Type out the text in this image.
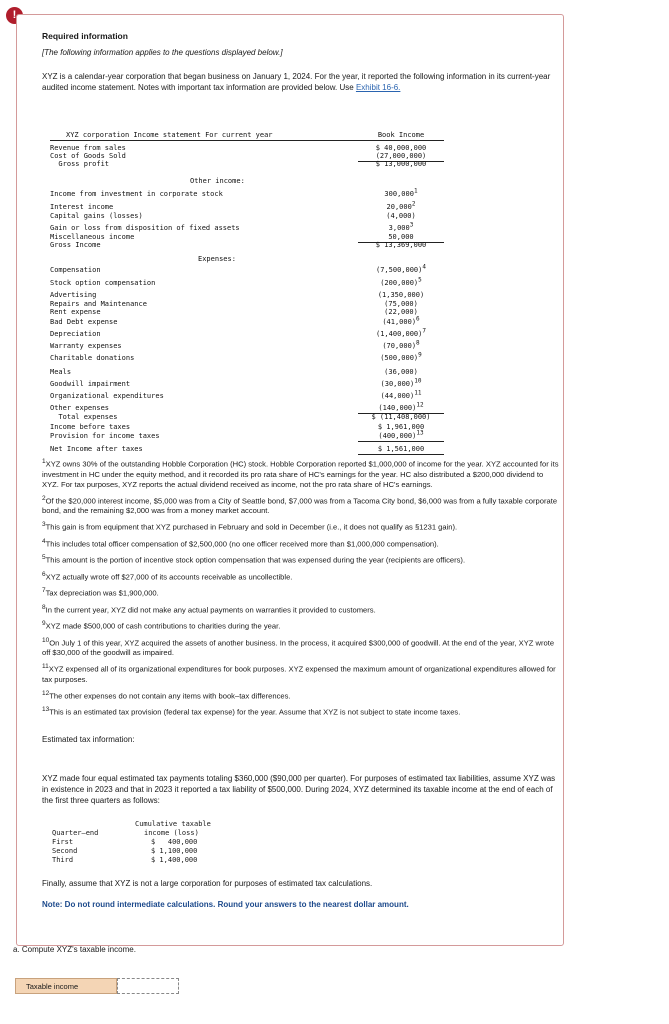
!
Required information
[The following information applies to the questions displayed below.]
XYZ is a calendar-year corporation that began business on January 1, 2024. For the year, it reported the following information in its current-year audited income statement. Notes with important tax information are provided below. Use Exhibit 16-6.
XYZ corporation Income statement For current year	Book Income
Revenue from sales	$ 40,000,000
Cost of Goods Sold	(27,000,000)
Gross profit	$ 13,000,000
Other income:
Income from investment in corporate stock	300,000$^1$
Interest income	20,000$^2$
Capital gains (losses)	(4,000)
Gain or loss from disposition of fixed assets	3,000$^3$
Miscellaneous income	50,000
Gross Income	$ 13,369,000
Expenses:
Compensation	$(7,500,000)^4$
Stock option compensation	$(200,000)^5$
Advertising	(1,350,000)
Repairs and Maintenance	(75,000)
Rent expense	(22,000)
Bad Debt expense	$(41,000)^6$
Depreciation	$(1,400,000)^7$
Warranty expenses	$(70,000)^8$
Charitable donations	$(500,000)^9$
Meals	(36,000)
Goodwill impairment	$(30,000)^{10}$
Organizational expenditures	$(44,000)^{11}$
Other expenses	$(140,000)^{12}$
Total expenses	$ (11,408,000)
Income before taxes	$ 1,961,000
Provision for income taxes	$(400,000)^{13}$
Net Income after taxes	$ 1,561,000
$^1$XYZ owns 30% of the outstanding Hobble Corporation (HC) stock. Hobble Corporation reported $1,000,000 of income for the year. XYZ accounted for its investment in HC under the equity method, and it recorded its pro rata share of HC's earnings for the year. HC also distributed a $200,000 dividend to XYZ. For tax purposes, XYZ reports the actual dividend received as income, not the pro rata share of HC's earnings.
$^2$Of the $20,000 interest income, $5,000 was from a City of Seattle bond, $7,000 was from a Tacoma City bond, $6,000 was from a fully taxable corporate bond, and the remaining $2,000 was from a money market account.
$^3$This gain is from equipment that XYZ purchased in February and sold in December (i.e., it does not qualify as §1231 gain).
$^4$This includes total officer compensation of $2,500,000 (no one officer received more than $1,000,000 compensation).
$^5$This amount is the portion of incentive stock option compensation that was expensed during the year (recipients are officers).
$^6$XYZ actually wrote off $27,000 of its accounts receivable as uncollectible.
$^7$Tax depreciation was $1,900,000.
$^8$In the current year, XYZ did not make any actual payments on warranties it provided to customers.
$^9$XYZ made $500,000 of cash contributions to charities during the year.
$^{10}$On July 1 of this year, XYZ acquired the assets of another business. In the process, it acquired $300,000 of goodwill. At the end of the year, XYZ wrote off $30,000 of the goodwill as impaired.
$^{11}$XYZ expensed all of its organizational expenditures for book purposes. XYZ expensed the maximum amount of organizational expenditures allowed for tax purposes.
$^{12}$The other expenses do not contain any items with book–tax differences.
$^{13}$This is an estimated tax provision (federal tax expense) for the year. Assume that XYZ is not subject to state income taxes.
Estimated tax information:
XYZ made four equal estimated tax payments totaling $360,000 ($90,000 per quarter). For purposes of estimated tax liabilities, assume XYZ was in existence in 2023 and that in 2023 it reported a tax liability of $500,000. During 2024, XYZ determined its taxable income at the end of each of the first three quarters as follows:
Cumulative taxable
Quarter–end	income (loss)
First	$   400,000
Second	$ 1,100,000
Third	$ 1,400,000
Finally, assume that XYZ is not a large corporation for purposes of estimated tax calculations.
Note: Do not round intermediate calculations. Round your answers to the nearest dollar amount.
a. Compute XYZ's taxable income.
Taxable income
